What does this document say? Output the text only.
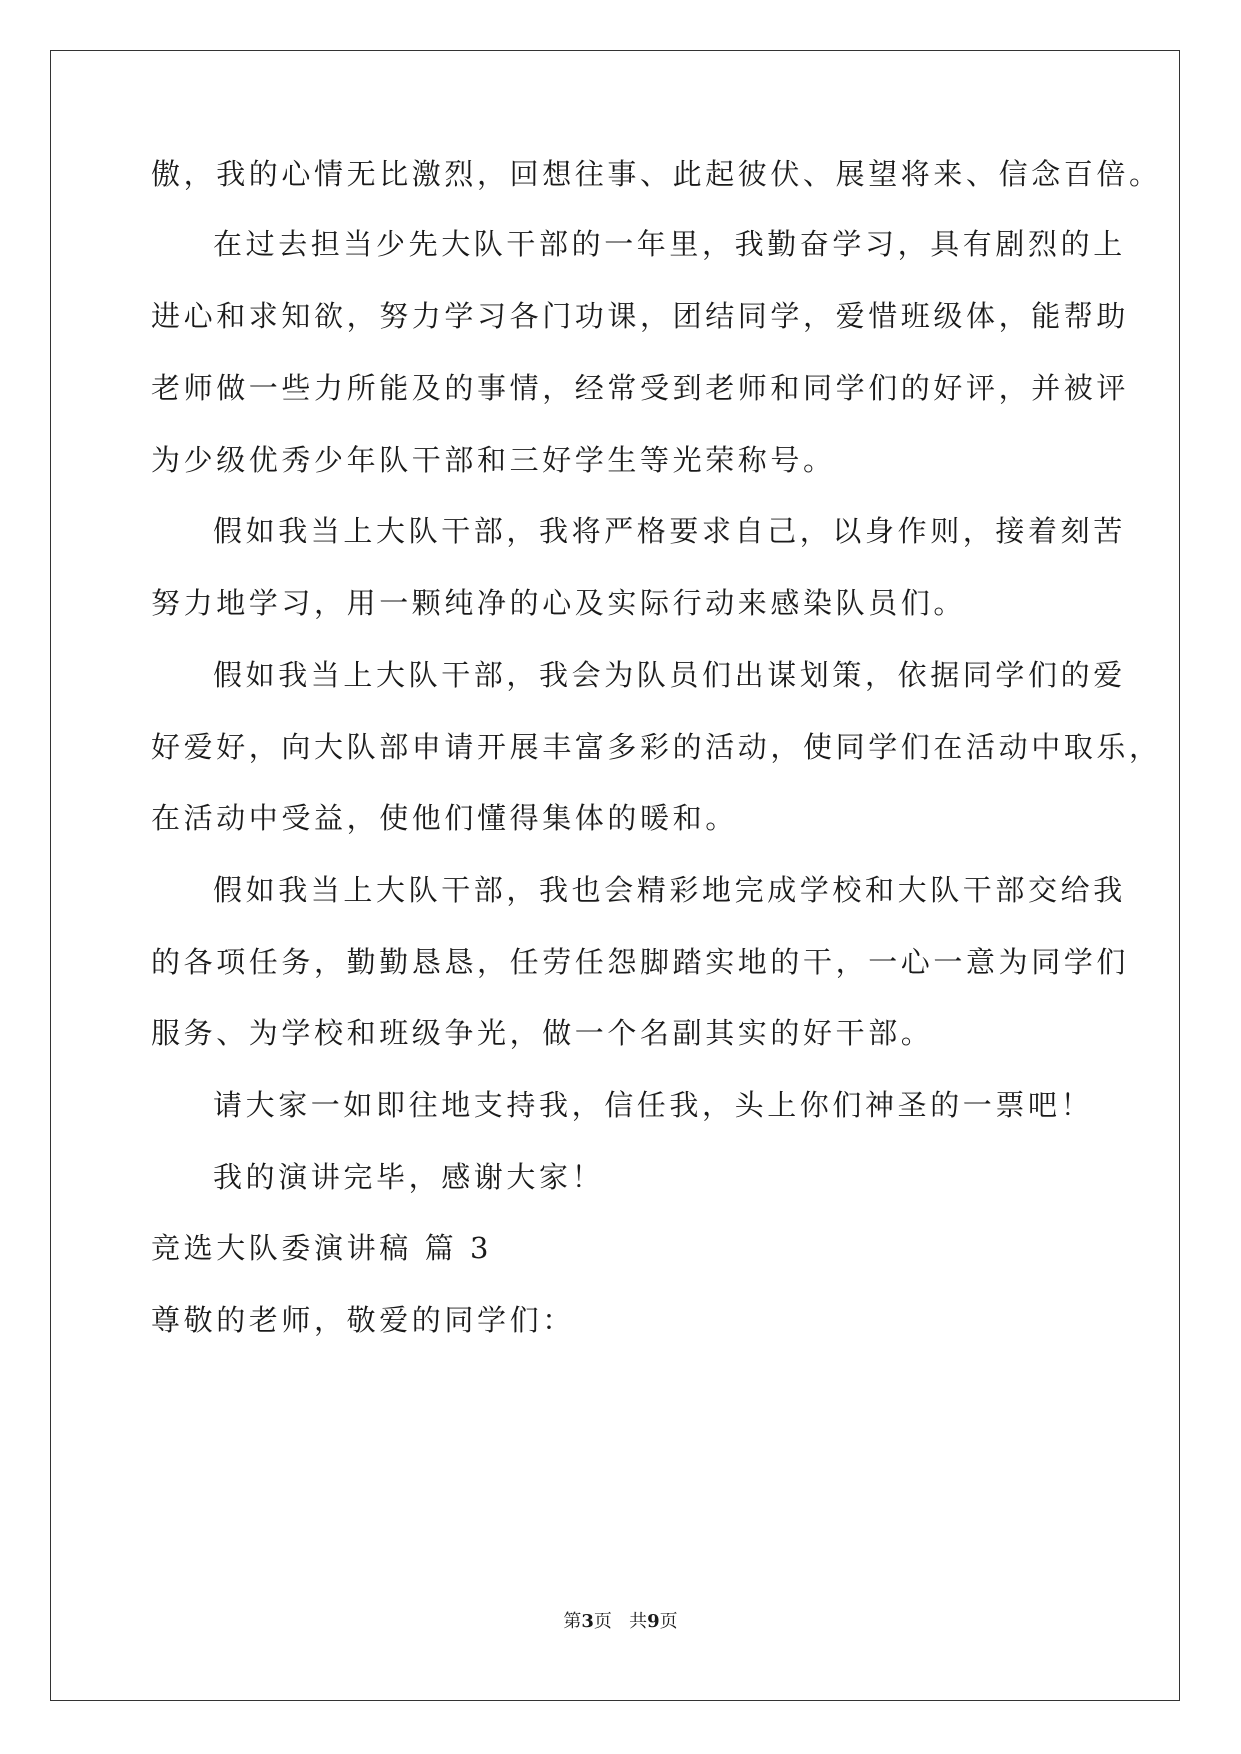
傲，我的心情无比激烈，回想往事、此起彼伏、展望将来、信念百倍。

在过去担当少先大队干部的一年里，我勤奋学习，具有剧烈的上

进心和求知欲，努力学习各门功课，团结同学，爱惜班级体，能帮助

老师做一些力所能及的事情，经常受到老师和同学们的好评，并被评

为少级优秀少年队干部和三好学生等光荣称号。

假如我当上大队干部，我将严格要求自己，以身作则，接着刻苦

努力地学习，用一颗纯净的心及实际行动来感染队员们。

假如我当上大队干部，我会为队员们出谋划策，依据同学们的爱

好爱好，向大队部申请开展丰富多彩的活动，使同学们在活动中取乐，

在活动中受益，使他们懂得集体的暖和。

假如我当上大队干部，我也会精彩地完成学校和大队干部交给我

的各项任务，勤勤恳恳，任劳任怨脚踏实地的干，一心一意为同学们

服务、为学校和班级争光，做一个名副其实的好干部。

请大家一如即往地支持我，信任我，头上你们神圣的一票吧！

我的演讲完毕，感谢大家！

竞选大队委演讲稿 篇 3

尊敬的老师，敬爱的同学们：

第3页   共9页
